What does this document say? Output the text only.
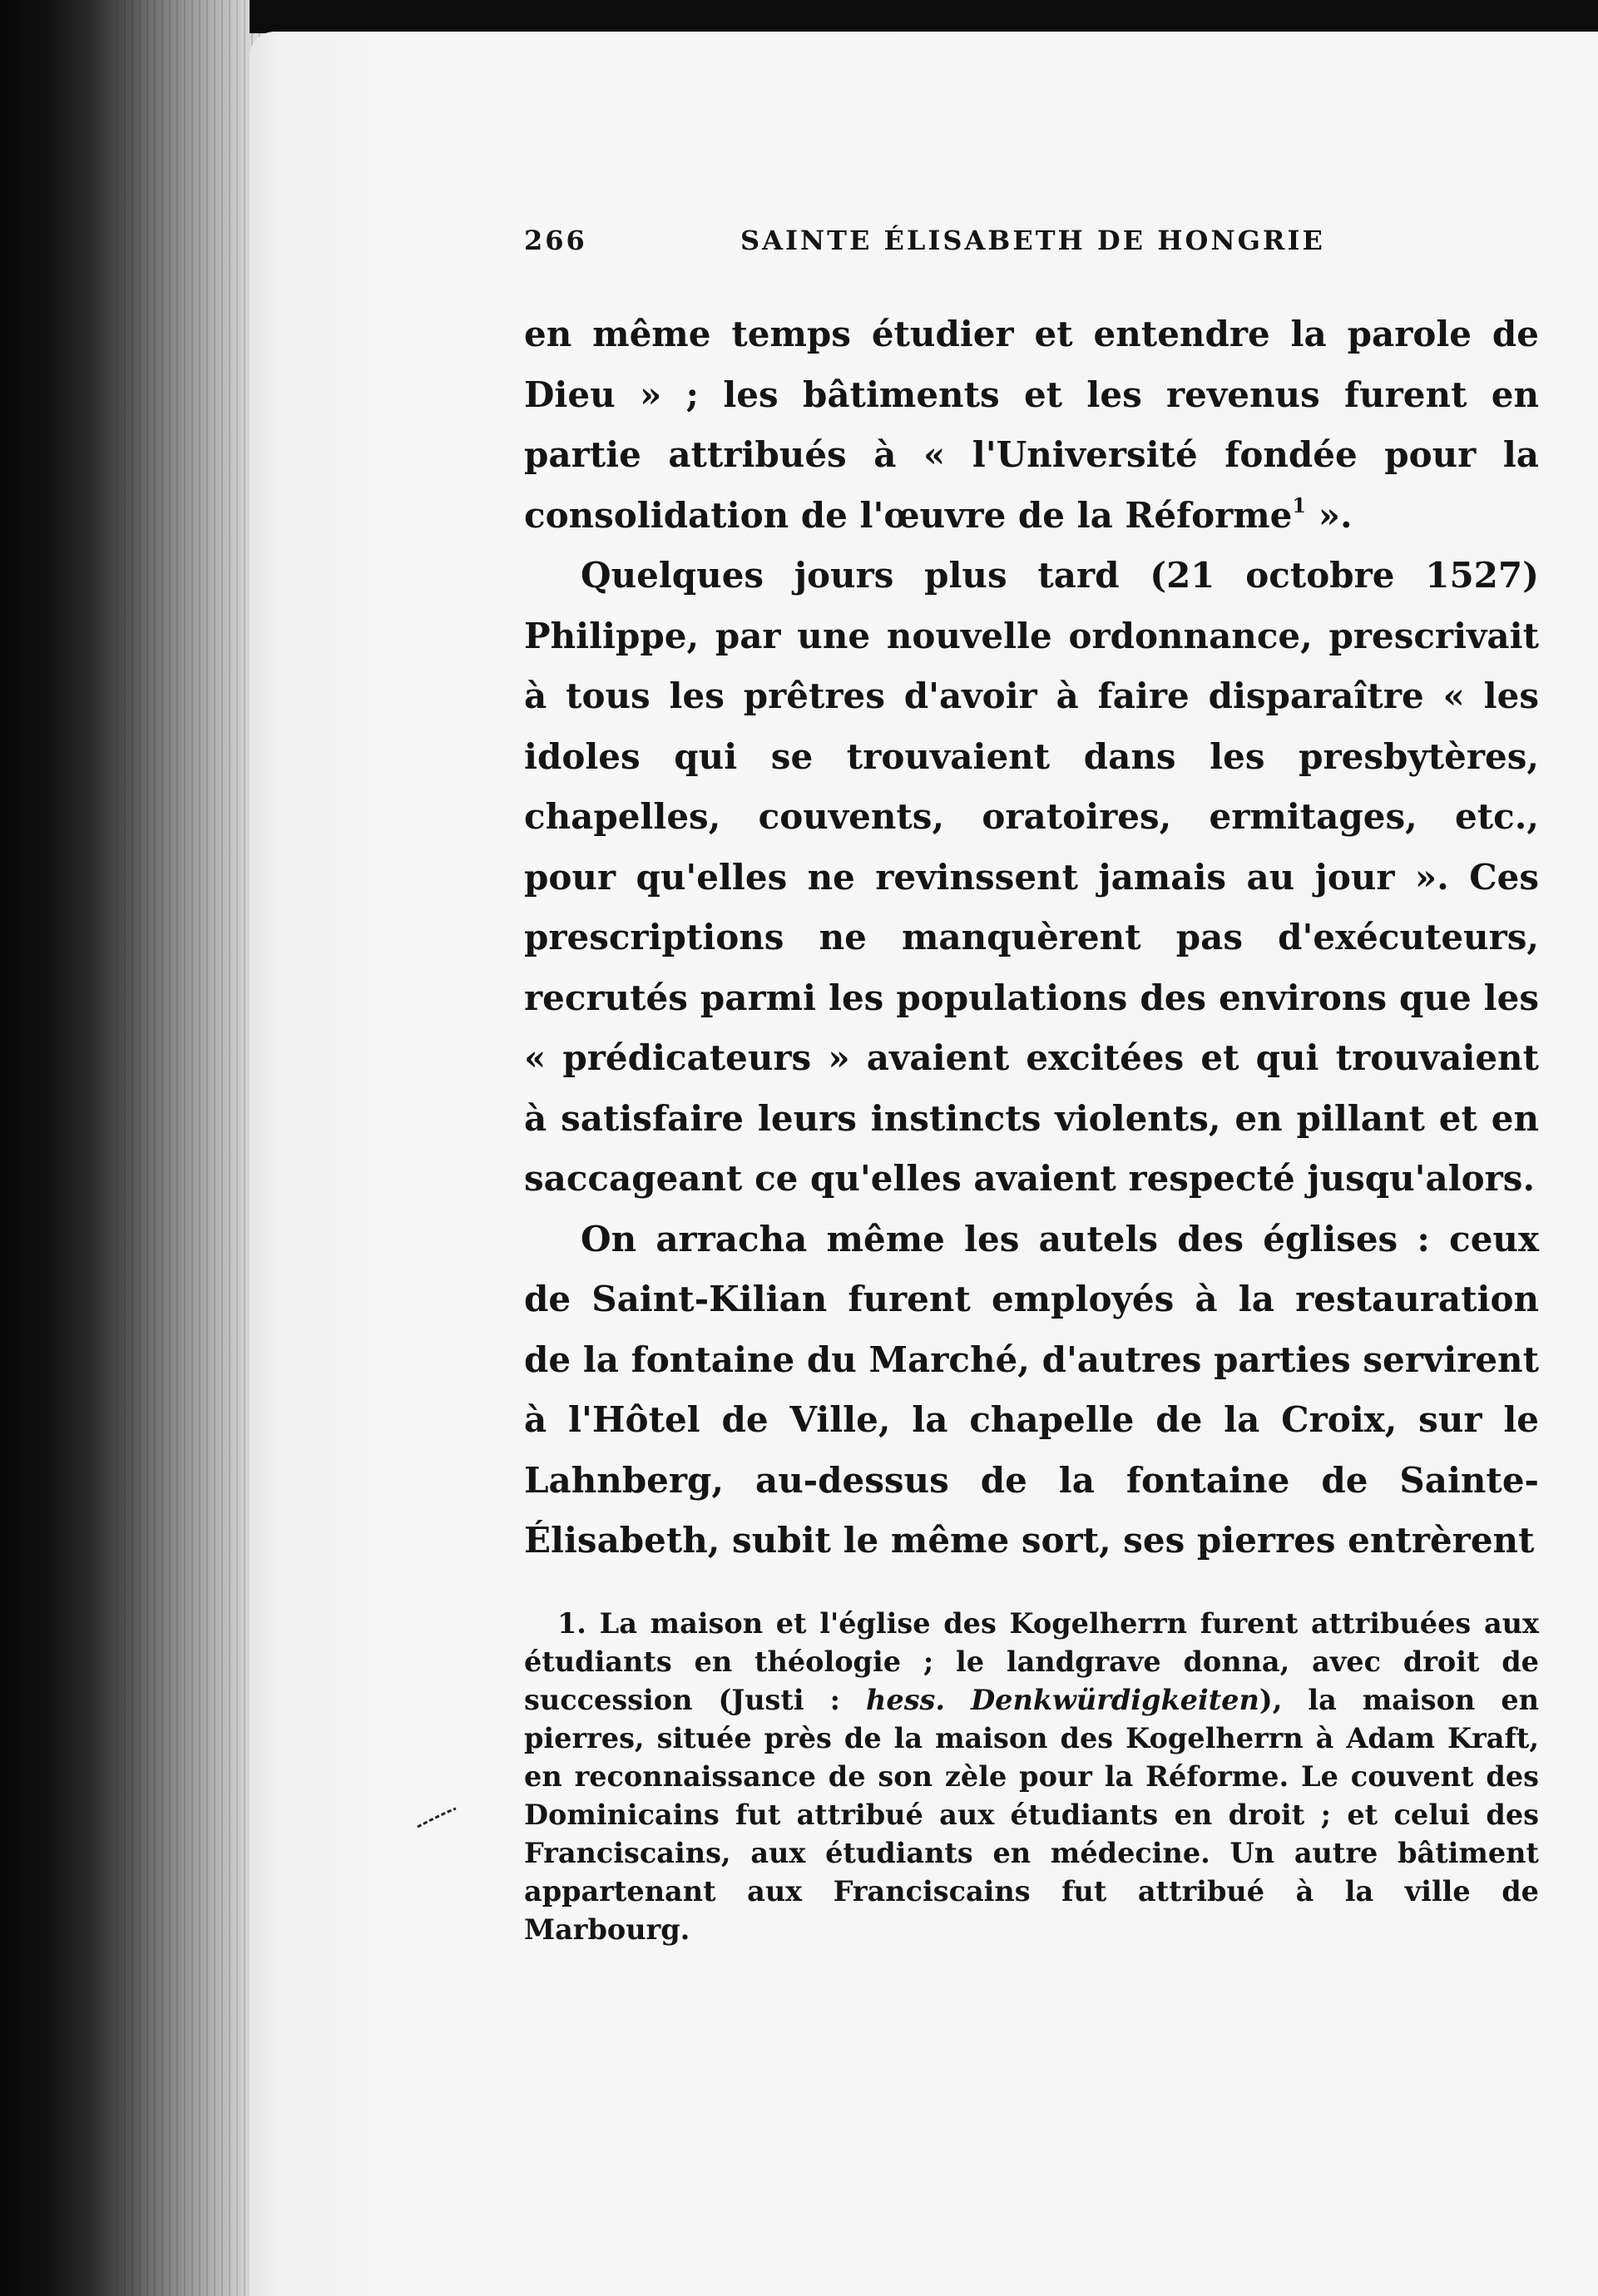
266	SAINTE ÉLISABETH DE HONGRIE

en même temps étudier et entendre la parole de Dieu » ; les bâtiments et les revenus furent en partie attribués à « l'Université fondée pour la consolidation de l'œuvre de la Réforme$^1$ ».

Quelques jours plus tard (21 octobre 1527) Philippe, par une nouvelle ordonnance, prescrivait à tous les prêtres d'avoir à faire disparaître « les idoles qui se trouvaient dans les presbytères, chapelles, couvents, oratoires, ermitages, etc., pour qu'elles ne revinssent jamais au jour ». Ces prescriptions ne manquèrent pas d'exécuteurs, recrutés parmi les populations des environs que les « prédicateurs » avaient excitées et qui trouvaient à satisfaire leurs instincts violents, en pillant et en saccageant ce qu'elles avaient respecté jusqu'alors.

On arracha même les autels des églises : ceux de Saint-Kilian furent employés à la restauration de la fontaine du Marché, d'autres parties servirent à l'Hôtel de Ville, la chapelle de la Croix, sur le Lahnberg, au-dessus de la fontaine de Sainte-Élisabeth, subit le même sort, ses pierres entrèrent

1. La maison et l'église des Kogelherrn furent attribuées aux étudiants en théologie ; le landgrave donna, avec droit de succession (Justi : hess. Denkwürdigkeiten), la maison en pierres, située près de la maison des Kogelherrn à Adam Kraft, en reconnaissance de son zèle pour la Réforme. Le couvent des Dominicains fut attribué aux étudiants en droit ; et celui des Franciscains, aux étudiants en médecine. Un autre bâtiment appartenant aux Franciscains fut attribué à la ville de Marbourg.
